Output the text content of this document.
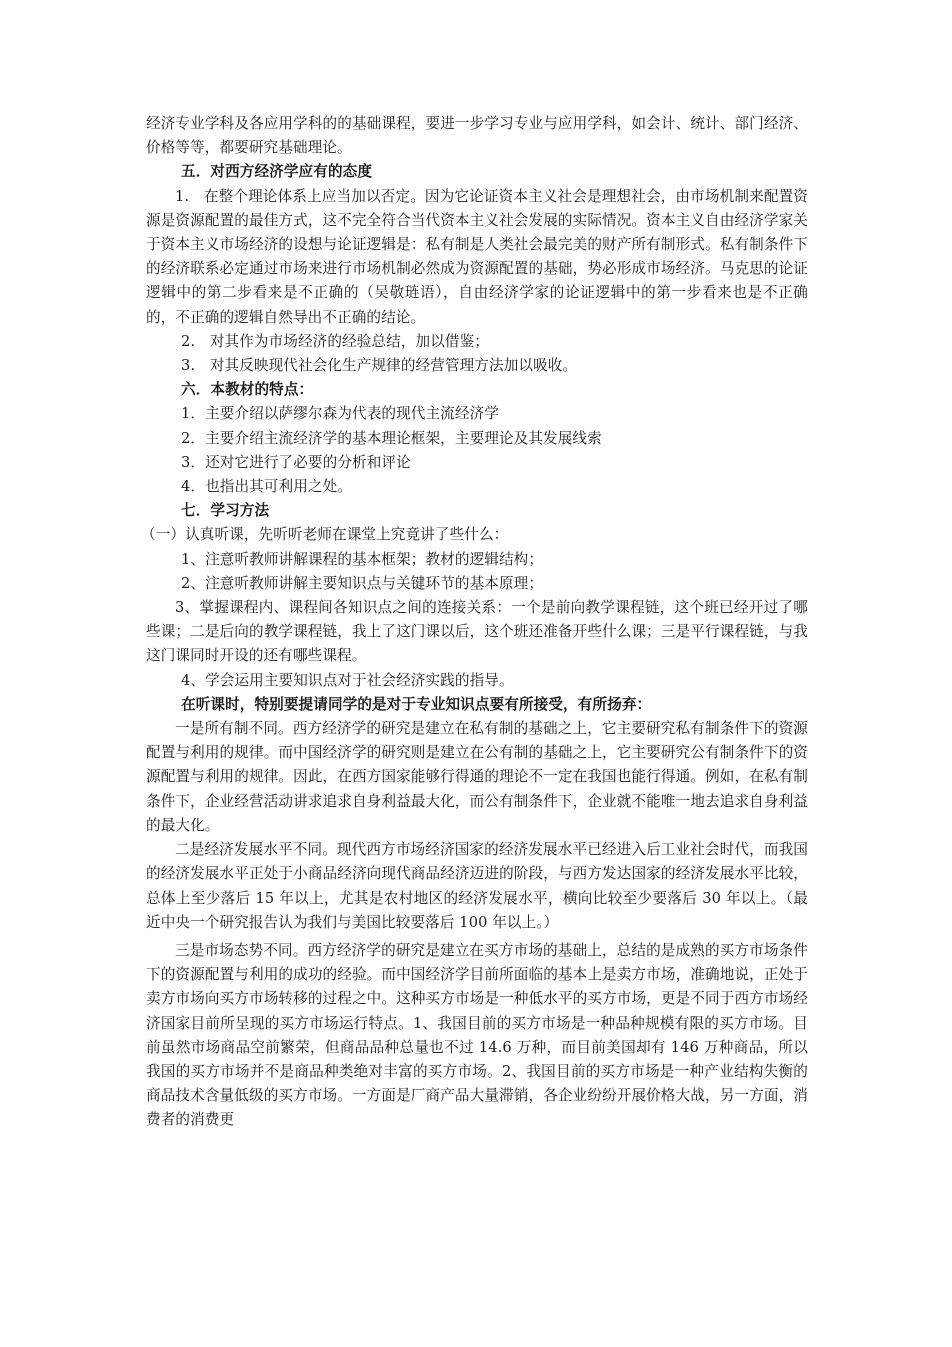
经济专业学科及各应用学科的的基础课程，要进一步学习专业与应用学科，如会计、统计、部门经济、价格等等，都要研究基础理论。

五．对西方经济学应有的态度

1.　在整个理论体系上应当加以否定。因为它论证资本主义社会是理想社会，由市场机制来配置资源是资源配置的最佳方式，这不完全符合当代资本主义社会发展的实际情况。资本主义自由经济学家关于资本主义市场经济的设想与论证逻辑是：私有制是人类社会最完美的财产所有制形式。私有制条件下的经济联系必定通过市场来进行市场机制必然成为资源配置的基础，势必形成市场经济。马克思的论证逻辑中的第二步看来是不正确的（吴敬琏语），自由经济学家的论证逻辑中的第一步看来也是不正确的，不正确的逻辑自然导出不正确的结论。

2.　对其作为市场经济的经验总结，加以借鉴；

3.　对其反映现代社会化生产规律的经营管理方法加以吸收。

六．本教材的特点：

1．主要介绍以萨缪尔森为代表的现代主流经济学

2．主要介绍主流经济学的基本理论框架，主要理论及其发展线索

3．还对它进行了必要的分析和评论

4．也指出其可利用之处。

七．学习方法

（一）认真听课，先听听老师在课堂上究竟讲了些什么：

1、注意听教师讲解课程的基本框架；教材的逻辑结构；

2、注意听教师讲解主要知识点与关键环节的基本原理；

3、掌握课程内、课程间各知识点之间的连接关系：一个是前向教学课程链，这个班已经开过了哪些课；二是后向的教学课程链，我上了这门课以后，这个班还准备开些什么课；三是平行课程链，与我这门课同时开设的还有哪些课程。

4、学会运用主要知识点对于社会经济实践的指导。

在听课时，特别要提请同学的是对于专业知识点要有所接受，有所扬弃：

一是所有制不同。西方经济学的研究是建立在私有制的基础之上，它主要研究私有制条件下的资源配置与利用的规律。而中国经济学的研究则是建立在公有制的基础之上，它主要研究公有制条件下的资源配置与利用的规律。因此，在西方国家能够行得通的理论不一定在我国也能行得通。例如，在私有制条件下，企业经营活动讲求追求自身利益最大化，而公有制条件下，企业就不能唯一地去追求自身利益的最大化。

二是经济发展水平不同。现代西方市场经济国家的经济发展水平已经进入后工业社会时代，而我国的经济发展水平正处于小商品经济向现代商品经济迈进的阶段，与西方发达国家的经济发展水平比较，总体上至少落后 15 年以上，尤其是农村地区的经济发展水平，横向比较至少要落后 30 年以上。（最近中央一个研究报告认为我们与美国比较要落后 100 年以上。）

三是市场态势不同。西方经济学的研究是建立在买方市场的基础上，总结的是成熟的买方市场条件下的资源配置与利用的成功的经验。而中国经济学目前所面临的基本上是卖方市场，准确地说，正处于卖方市场向买方市场转移的过程之中。这种买方市场是一种低水平的买方市场，更是不同于西方市场经济国家目前所呈现的买方市场运行特点。1、我国目前的买方市场是一种品种规模有限的买方市场。目前虽然市场商品空前繁荣，但商品品种总量也不过 14.6 万种，而目前美国却有 146 万种商品，所以我国的买方市场并不是商品种类绝对丰富的买方市场。2、我国目前的买方市场是一种产业结构失衡的商品技术含量低级的买方市场。一方面是厂商产品大量滞销，各企业纷纷开展价格大战，另一方面，消费者的消费更
